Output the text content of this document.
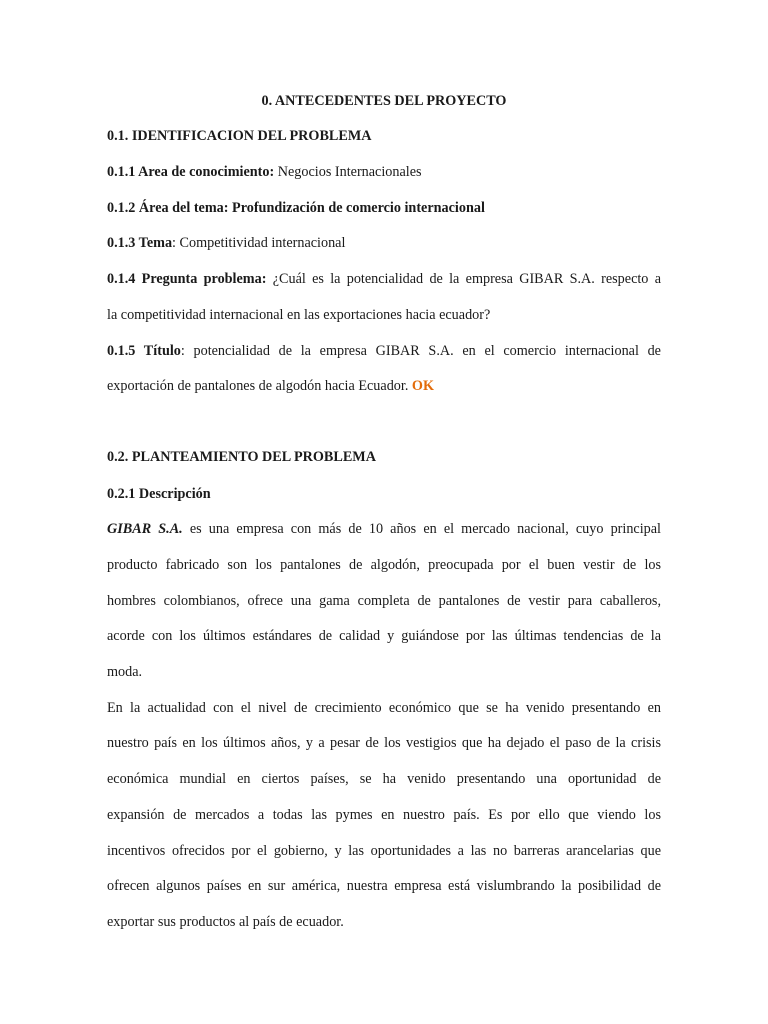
0. ANTECEDENTES DEL PROYECTO
0.1. IDENTIFICACION DEL PROBLEMA
0.1.1 Area de conocimiento: Negocios Internacionales
0.1.2 Área del tema: Profundización de comercio internacional
0.1.3 Tema: Competitividad internacional
0.1.4 Pregunta problema: ¿Cuál es la potencialidad de la empresa GIBAR S.A. respecto a
la competitividad internacional en las exportaciones hacia ecuador?
0.1.5 Título: potencialidad de la empresa GIBAR S.A. en el comercio internacional de
exportación de pantalones de algodón hacia Ecuador. OK
0.2. PLANTEAMIENTO DEL PROBLEMA
0.2.1 Descripción
GIBAR S.A. es una empresa con más de 10 años en el mercado nacional, cuyo principal
producto fabricado son los pantalones de algodón, preocupada por el buen vestir de los
hombres colombianos, ofrece una gama completa de pantalones de vestir para caballeros,
acorde con los últimos estándares de calidad y guiándose por las últimas tendencias de la
moda.
En la actualidad con el nivel de crecimiento económico que se ha venido presentando en
nuestro país en los últimos años, y a pesar de los vestigios que ha dejado el paso de la crisis
económica mundial en ciertos países, se ha venido presentando una oportunidad de
expansión de mercados a todas las pymes en nuestro país. Es por ello que viendo los
incentivos ofrecidos por el gobierno, y las oportunidades a las no barreras arancelarias que
ofrecen algunos países en sur américa, nuestra empresa está vislumbrando la posibilidad de
exportar sus productos al país de ecuador.
